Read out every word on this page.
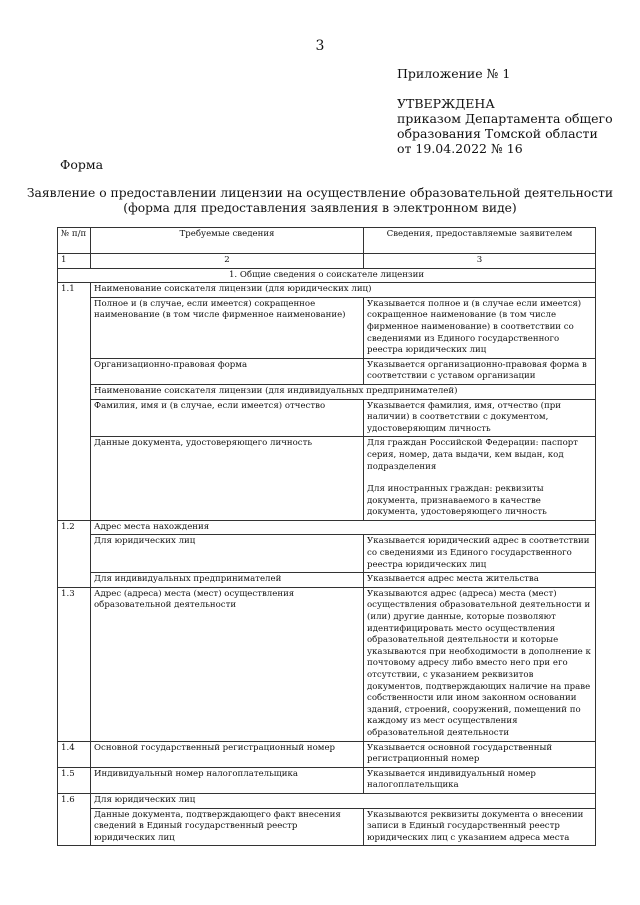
3
Приложение № 1
УТВЕРЖДЕНА
приказом Департамента общего
образования Томской области
от 19.04.2022 № 16
Форма
Заявление о предоставлении лицензии на осуществление образовательной деятельности
(форма для предоставления заявления в электронном виде)
№ п/п	Требуемые сведения	Сведения, предоставляемые заявителем
1	2	3
1. Общие сведения о соискателе лицензии		
1.1	Наименование соискателя лицензии (для юридических лиц)	
	Полное и (в случае, если имеется) сокращенное наименование (в том числе фирменное наименование)	Указывается полное и (в случае если имеется) сокращенное наименование (в том числе фирменное наименование) в соответствии со сведениями из Единого государственного реестра юридических лиц
	Организационно-правовая форма	Указывается организационно-правовая форма в соответствии с уставом организации
	Наименование соискателя лицензии (для индивидуальных предпринимателей)	
	Фамилия, имя и (в случае, если имеется) отчество	Указывается фамилия, имя, отчество (при наличии) в соответствии с документом, удостоверяющим личность
	Данные документа, удостоверяющего личность	Для граждан Российской Федерации: паспорт серия, номер, дата выдачи, кем выдан, код подразделения
Для иностранных граждан: реквизиты документа, признаваемого в качестве документа, удостоверяющего личность

1.2	Адрес места нахождения	
	Для юридических лиц	Указывается юридический адрес в соответствии со сведениями из Единого государственного реестра юридических лиц
	Для индивидуальных предпринимателей	Указывается адрес места жительства
1.3	Адрес (адреса) места (мест) осуществления образовательной деятельности	Указываются адрес (адреса) места (мест) осуществления образовательной деятельности и (или) другие данные, которые позволяют идентифицировать место осуществления образовательной деятельности и которые указываются при необходимости в дополнение к почтовому адресу либо вместо него при его отсутствии, с указанием реквизитов документов, подтверждающих наличие на праве собственности или ином законном основании зданий, строений, сооружений, помещений по каждому из мест осуществления образовательной деятельности
1.4	Основной государственный регистрационный номер	Указывается основной государственный регистрационный номер
1.5	Индивидуальный номер налогоплательщика	Указывается индивидуальный номер налогоплательщика
1.6	Для юридических лиц	
	Данные документа, подтверждающего факт внесения сведений в Единый государственный реестр юридических лиц	Указываются реквизиты документа о внесении записи в Единый государственный реестр юридических лиц с указанием адреса места
